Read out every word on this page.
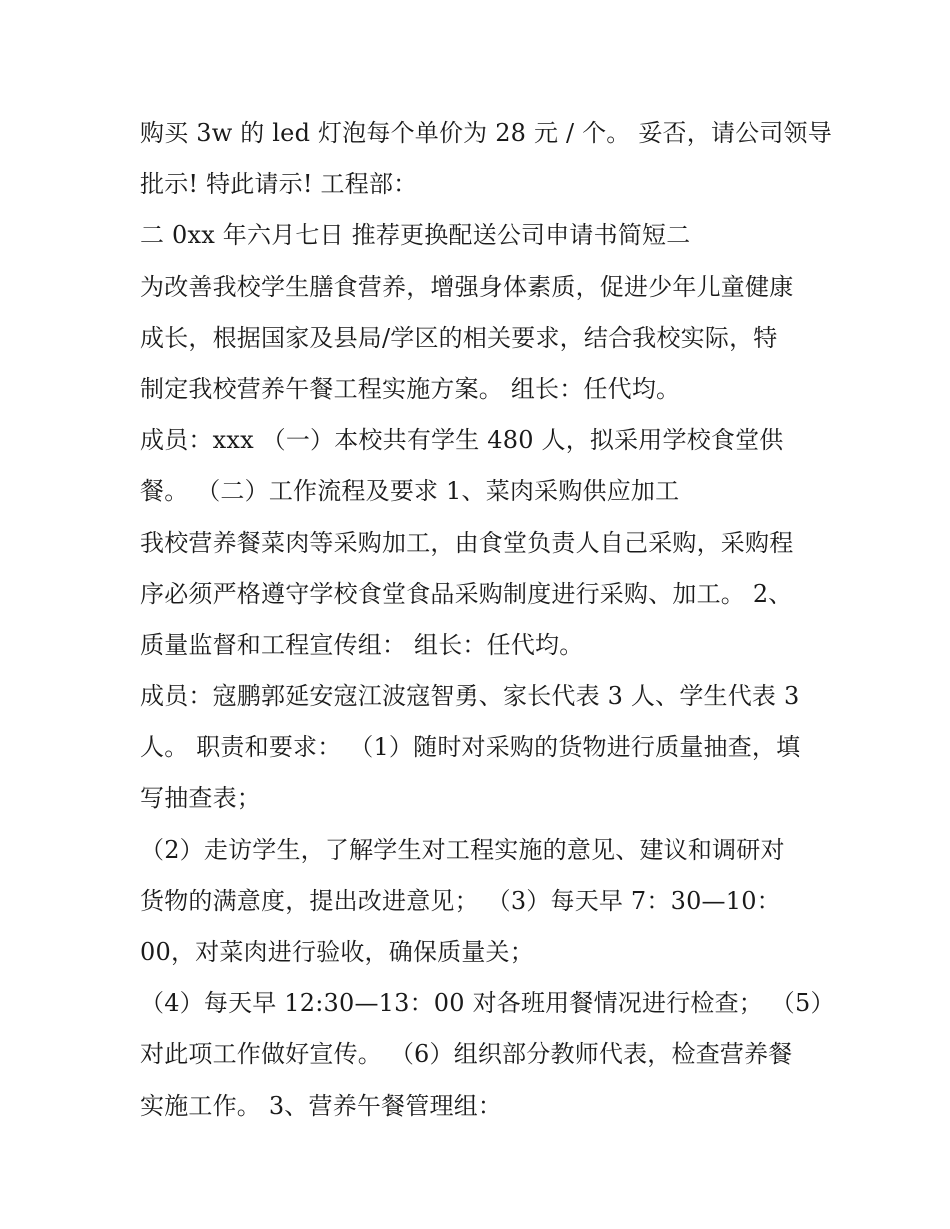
购买 3w 的 led 灯泡每个单价为 28 元 / 个。 妥否，请公司领导
批示! 特此请示! 工程部：
二 0xx 年六月七日 推荐更换配送公司申请书简短二
为改善我校学生膳食营养，增强身体素质，促进少年儿童健康
成长，根据国家及县局/学区的相关要求，结合我校实际，特
制定我校营养午餐工程实施方案。 组长：任代均。
成员：xxx （一）本校共有学生 480 人，拟采用学校食堂供
餐。 （二）工作流程及要求 1、菜肉采购供应加工
我校营养餐菜肉等采购加工，由食堂负责人自己采购，采购程
序必须严格遵守学校食堂食品采购制度进行采购、加工。 2、
质量监督和工程宣传组： 组长：任代均。
成员：寇鹏郭延安寇江波寇智勇、家长代表 3 人、学生代表 3
人。 职责和要求： （1）随时对采购的货物进行质量抽查，填
写抽查表；
（2）走访学生，了解学生对工程实施的意见、建议和调研对
货物的满意度，提出改进意见； （3）每天早 7：30—10：
00，对菜肉进行验收，确保质量关；
（4）每天早 12:30—13：00 对各班用餐情况进行检查； （5）
对此项工作做好宣传。 （6）组织部分教师代表，检查营养餐
实施工作。 3、营养午餐管理组：
